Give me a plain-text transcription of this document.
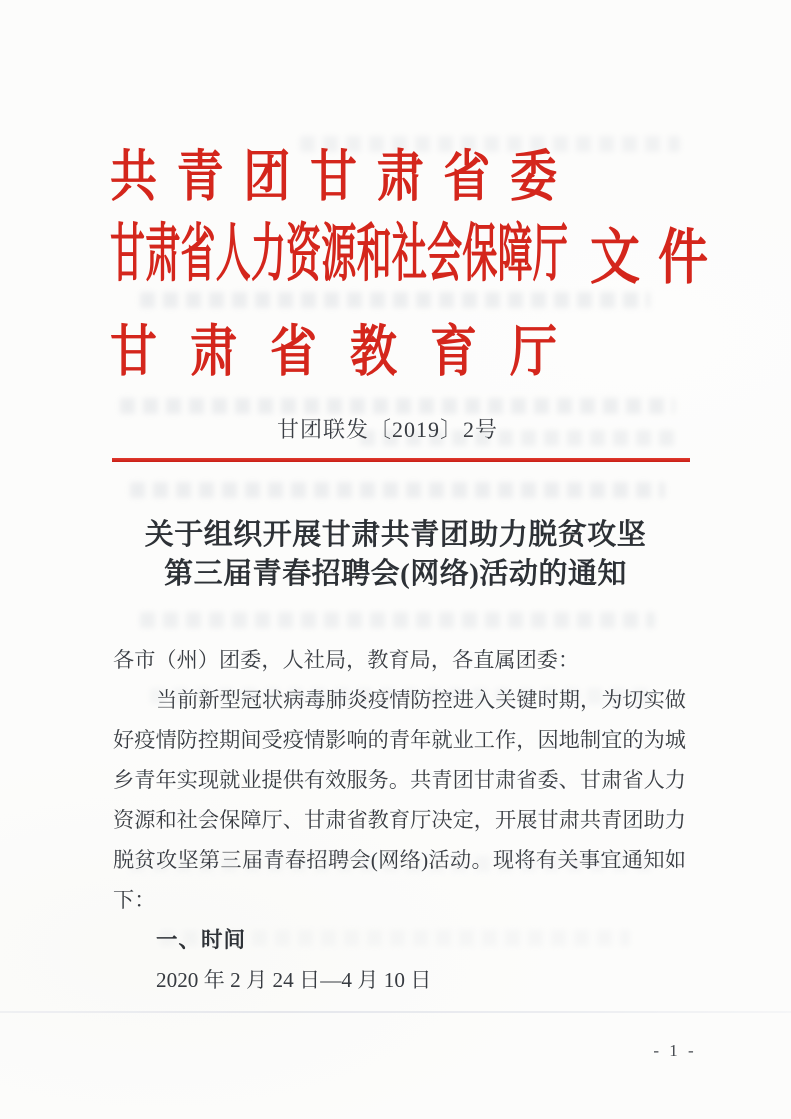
共 青 团 甘 肃 省 委
甘 肃 省 人 力 资 源 和 社 会 保 障 厅 文 件
甘 肃 省 教 育 厅
甘团联发〔2019〕2号
关于组织开展甘肃共青团助力脱贫攻坚
第三届青春招聘会(网络)活动的通知
各市（州）团委，人社局，教育局，各直属团委：
当前新型冠状病毒肺炎疫情防控进入关键时期，为切实做
好疫情防控期间受疫情影响的青年就业工作，因地制宜的为城
乡青年实现就业提供有效服务。共青团甘肃省委、甘肃省人力
资源和社会保障厅、甘肃省教育厅决定，开展甘肃共青团助力
脱贫攻坚第三届青春招聘会(网络)活动。现将有关事宜通知如
下：
一、时间
2020 年 2 月 24 日—4 月 10 日
- 1 -
